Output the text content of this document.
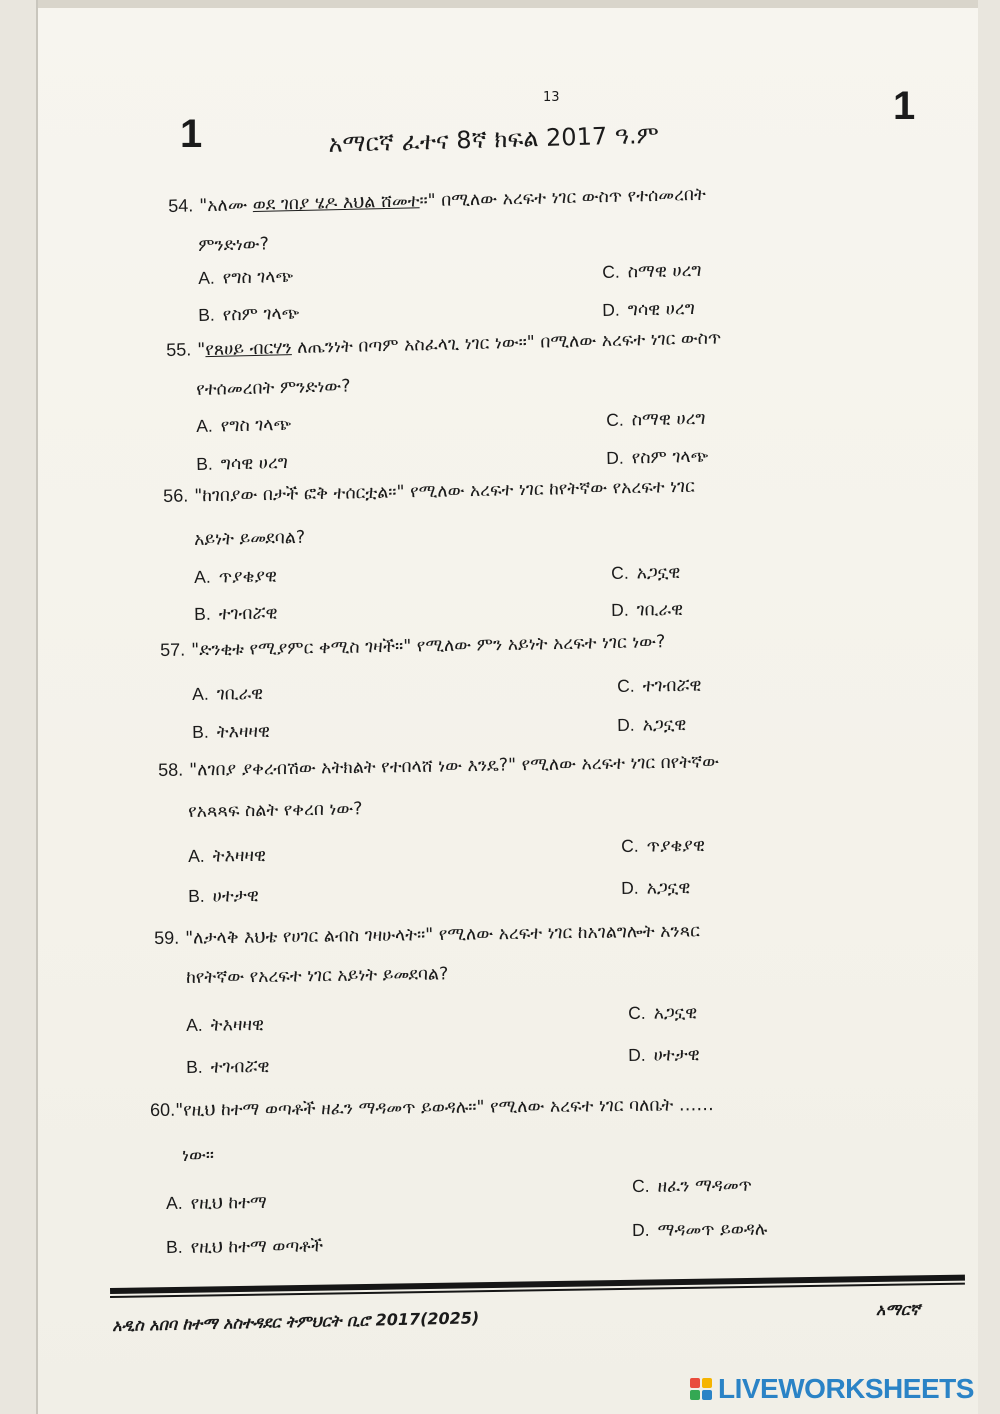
13
1
1
አማርኛ ፈተና 8ኛ ክፍል 2017 ዓ.ም
54. "አለሙ ወደ ገበያ ሄዶ እህል ሸመተ።" በሚለው አረፍተ ነገር ውስጥ የተሰመረበት
ምንድነው?
A. የግስ ገላጭ
B. የስም ገላጭ
C. ስማዊ ሀረግ
D. ግሳዊ ሀረግ
55. "የጸሀይ ብርሃን ለጤንነት በጣም አስፈላጊ ነገር ነው።" በሚለው አረፍተ ነገር ውስጥ
የተሰመረበት ምንድነው?
A. የግስ ገላጭ
B. ግሳዊ ሀረግ
C. ስማዊ ሀረግ
D. የስም ገላጭ
56. "ከገበያው በታች ፎቅ ተሰርቷል።" የሚለው አረፍተ ነገር ከየትኛው የአረፍተ ነገር
አይነት ይመደባል?
A. ጥያቄያዊ
B. ተገብሯዊ
C. አጋኗዊ
D. ገቢራዊ
57. "ድንቂቱ የሚያምር ቀሚስ ገዛች።" የሚለው ምን አይነት አረፍተ ነገር ነው?
A. ገቢራዊ
B. ትእዛዛዊ
C. ተገብሯዊ
D. አጋኗዊ
58. "ለገበያ ያቀረብሽው አትክልት የተበላሸ ነው እንዴ?" የሚለው አረፍተ ነገር በየትኛው
የአጻጻፍ ስልት የቀረበ ነው?
A. ትእዛዛዊ
B. ሀተታዊ
C. ጥያቄያዊ
D. አጋኗዊ
59. "ለታላቅ እህቴ የሀገር ልብስ ገዛሁላት።" የሚለው አረፍተ ነገር ከአገልግሎት አንጻር
ከየትኛው የአረፍተ ነገር አይነት ይመደባል?
A. ትእዛዛዊ
B. ተገብሯዊ
C. አጋኗዊ
D. ሀተታዊ
60."የዚህ ከተማ ወጣቶች ዘፈን ማዳመጥ ይወዳሉ።" የሚለው አረፍተ ነገር ባለቤት ……
ነው።
A. የዚህ ከተማ
B. የዚህ ከተማ ወጣቶች
C. ዘፈን ማዳመጥ
D. ማዳመጥ ይወዳሉ
አዲስ አበባ ከተማ አስተዳደር ትምህርት ቢሮ 2017(2025)	አማርኛ
LIVEWORKSHEETS
